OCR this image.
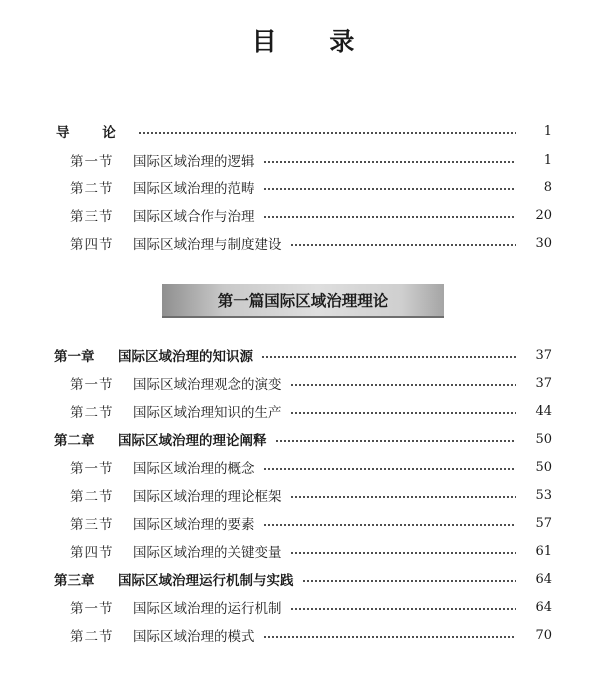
目 录
导 论	1
第一节 国际区域治理的逻辑	1
第二节 国际区域治理的范畴	8
第三节 国际区域合作与治理	20
第四节 国际区域治理与制度建设	30
第一篇 国际区域治理理论
第一章 国际区域治理的知识源	37
第一节 国际区域治理观念的演变	37
第二节 国际区域治理知识的生产	44
第二章 国际区域治理的理论阐释	50
第一节 国际区域治理的概念	50
第二节 国际区域治理的理论框架	53
第三节 国际区域治理的要素	57
第四节 国际区域治理的关键变量	61
第三章 国际区域治理运行机制与实践	64
第一节 国际区域治理的运行机制	64
第二节 国际区域治理的模式	70
